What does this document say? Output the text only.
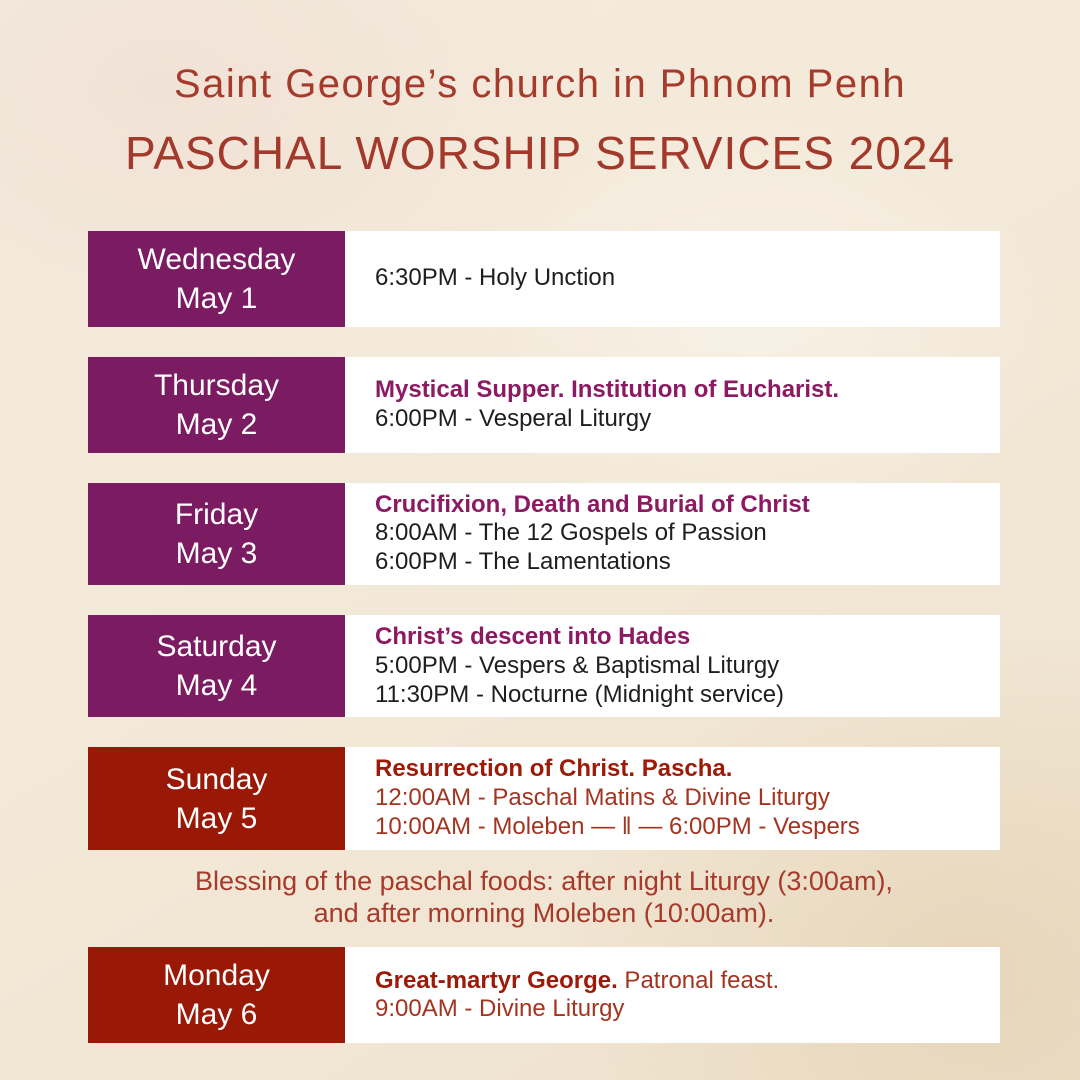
Saint George’s church in Phnom Penh
PASCHAL WORSHIP SERVICES 2024
Wednesday
May 1
6:30PM - Holy Unction
Thursday
May 2
Mystical Supper. Institution of Eucharist.
6:00PM - Vesperal Liturgy
Friday
May 3
Crucifixion, Death and Burial of Christ
8:00AM - The 12 Gospels of Passion
6:00PM - The Lamentations
Saturday
May 4
Christ’s descent into Hades
5:00PM - Vespers & Baptismal Liturgy
11:30PM - Nocturne (Midnight service)
Sunday
May 5
Resurrection of Christ. Pascha.
12:00AM - Paschal Matins & Divine Liturgy
10:00AM - Moleben — ‖ — 6:00PM - Vespers
Blessing of the paschal foods: after night Liturgy (3:00am),
and after morning Moleben (10:00am).
Monday
May 6
Great-martyr George. Patronal feast.
9:00AM - Divine Liturgy
